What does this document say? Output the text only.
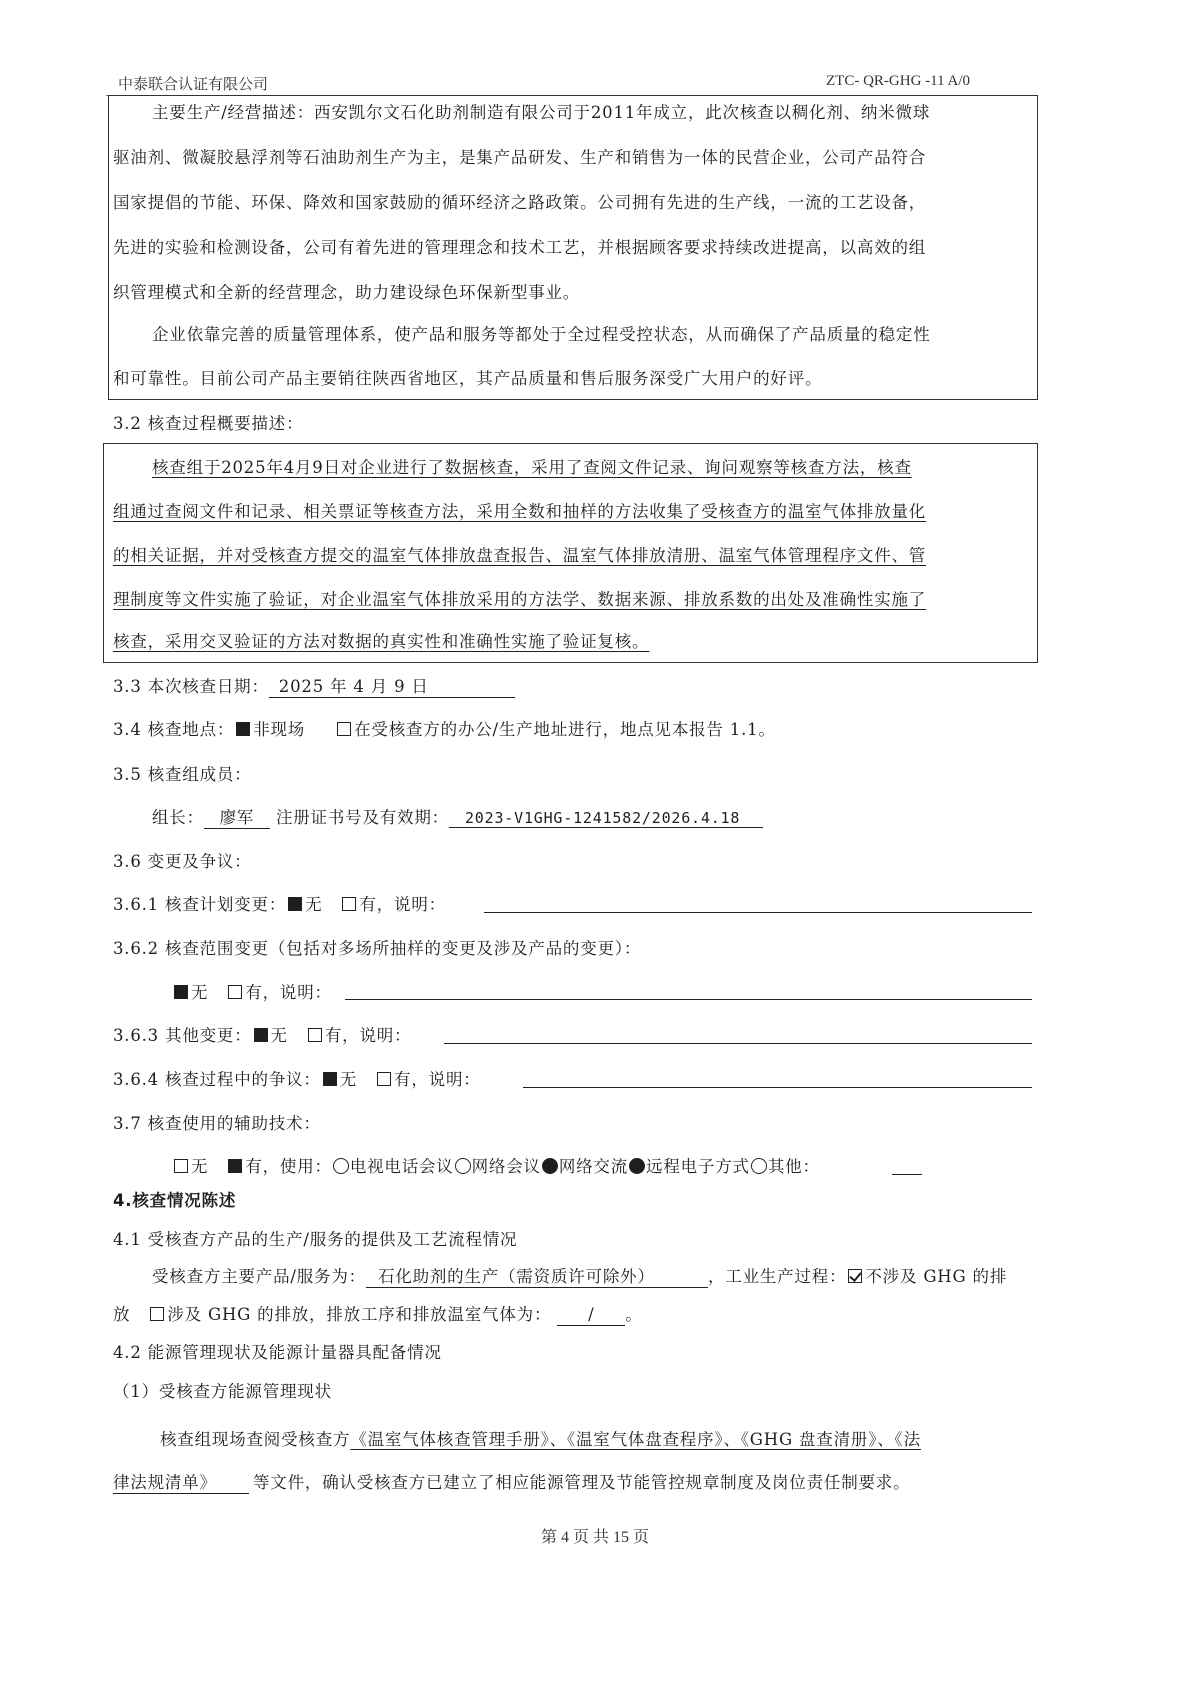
中泰联合认证有限公司	ZTC- QR-GHG -11 A/0
主要生产/经营描述：西安凯尔文石化助剂制造有限公司于2011年成立，此次核查以稠化剂、纳米微球
驱油剂、微凝胶悬浮剂等石油助剂生产为主，是集产品研发、生产和销售为一体的民营企业，公司产品符合
国家提倡的节能、环保、降效和国家鼓励的循环经济之路政策。公司拥有先进的生产线，一流的工艺设备，
先进的实验和检测设备，公司有着先进的管理理念和技术工艺，并根据顾客要求持续改进提高，以高效的组
织管理模式和全新的经营理念，助力建设绿色环保新型事业。
企业依靠完善的质量管理体系，使产品和服务等都处于全过程受控状态，从而确保了产品质量的稳定性
和可靠性。目前公司产品主要销往陕西省地区，其产品质量和售后服务深受广大用户的好评。
3.2 核查过程概要描述：
核查组于2025年4月9日对企业进行了数据核查，采用了查阅文件记录、询问观察等核查方法，核查
组通过查阅文件和记录、相关票证等核查方法，采用全数和抽样的方法收集了受核查方的温室气体排放量化
的相关证据，并对受核查方提交的温室气体排放盘查报告、温室气体排放清册、温室气体管理程序文件、管
理制度等文件实施了验证，对企业温室气体排放采用的方法学、数据来源、排放系数的出处及准确性实施了
核查，采用交叉验证的方法对数据的真实性和准确性实施了验证复核。
3.3 本次核查日期： 2025 年 4 月 9 日
3.4 核查地点： 非现场	在受核查方的办公/生产地址进行，地点见本报告 1.1。
3.5 核查组成员：
组长： 廖军 注册证书号及有效期： 2023-V1GHG-1241582/2026.4.18
3.6 变更及争议：
3.6.1 核查计划变更： 无 有，说明：
3.6.2 核查范围变更（包括对多场所抽样的变更及涉及产品的变更）：
无 有，说明：
3.6.3 其他变更： 无 有，说明：
3.6.4 核查过程中的争议： 无 有，说明：
3.7 核查使用的辅助技术：
无 有，使用： 电视电话会议 网络会议 网络交流 远程电子方式 其他：
4.核查情况陈述
4.1 受核查方产品的生产/服务的提供及工艺流程情况
受核查方主要产品/服务为： 石化助剂的生产（需资质许可除外）	，工业生产过程： 不涉及 GHG 的排
放 涉及 GHG 的排放，排放工序和排放温室气体为： / 。
4.2 能源管理现状及能源计量器具配备情况
（1）受核查方能源管理现状
核查组现场查阅受核查方《温室气体核查管理手册》、《温室气体盘查程序》、《GHG 盘查清册》、《法
律法规清单》 等文件，确认受核查方已建立了相应能源管理及节能管控规章制度及岗位责任制要求。
第 4 页 共 15 页
